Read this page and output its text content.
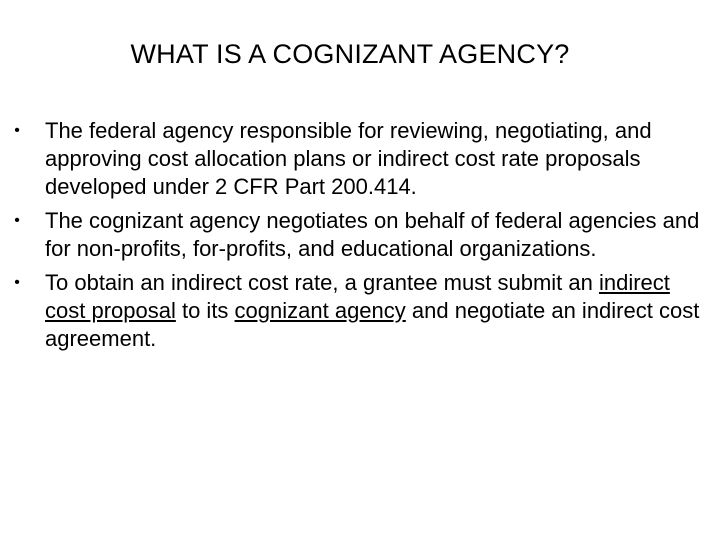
WHAT IS A COGNIZANT AGENCY?
• The federal agency responsible for reviewing, negotiating, and approving cost allocation plans or indirect cost rate proposals developed under 2 CFR Part 200.414.
• The cognizant agency negotiates on behalf of federal agencies and for non-profits, for-profits, and educational organizations.
• To obtain an indirect cost rate, a grantee must submit an indirect cost proposal to its cognizant agency and negotiate an indirect cost agreement.
